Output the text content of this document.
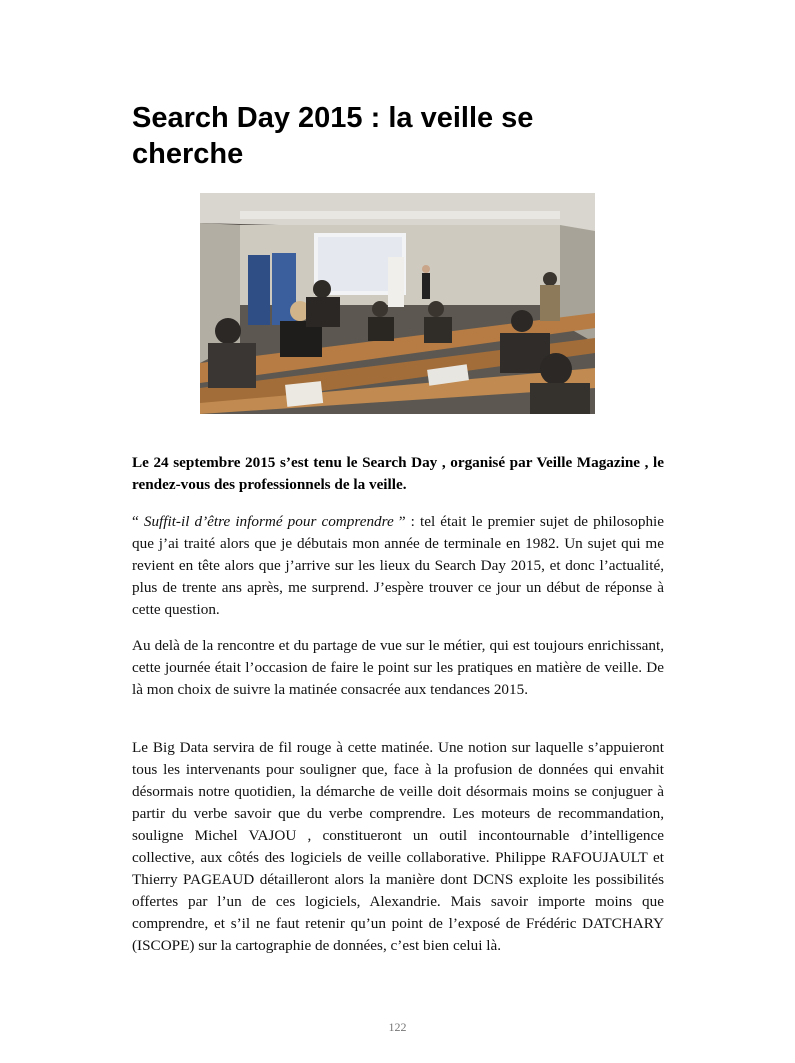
Search Day 2015 : la veille se cherche

Le 24 septembre 2015 s’est tenu le Search Day , organisé par Veille Magazine , le rendez-vous des professionnels de la veille.

“ Suffit-il d’être informé pour comprendre ” : tel était le premier sujet de philosophie que j’ai traité alors que je débutais mon année de terminale en 1982. Un sujet qui me revient en tête alors que j’arrive sur les lieux du Search Day 2015, et donc l’actualité, plus de trente ans après, me surprend. J’espère trouver ce jour un début de réponse à cette question.

Au delà de la rencontre et du partage de vue sur le métier, qui est toujours enrichissant, cette journée était l’occasion de faire le point sur les pratiques en matière de veille. De là mon choix de suivre la matinée consacrée aux tendances 2015.

Le Big Data servira de fil rouge à cette matinée. Une notion sur laquelle s’appuieront tous les intervenants pour souligner que, face à la profusion de données qui envahit désormais notre quotidien, la démarche de veille doit désormais moins se conjuguer à partir du verbe savoir que du verbe comprendre. Les moteurs de recommandation, souligne Michel VAJOU , constitueront un outil incontournable d’intelligence collective, aux côtés des logiciels de veille collaborative. Philippe RAFOUJAULT et Thierry PAGEAUD détailleront alors la manière dont DCNS exploite les possibilités offertes par l’un de ces logiciels, Alexandrie. Mais savoir importe moins que comprendre, et s’il ne faut retenir qu’un point de l’exposé de Frédéric DATCHARY (ISCOPE) sur la cartographie de données, c’est bien celui là.

122
